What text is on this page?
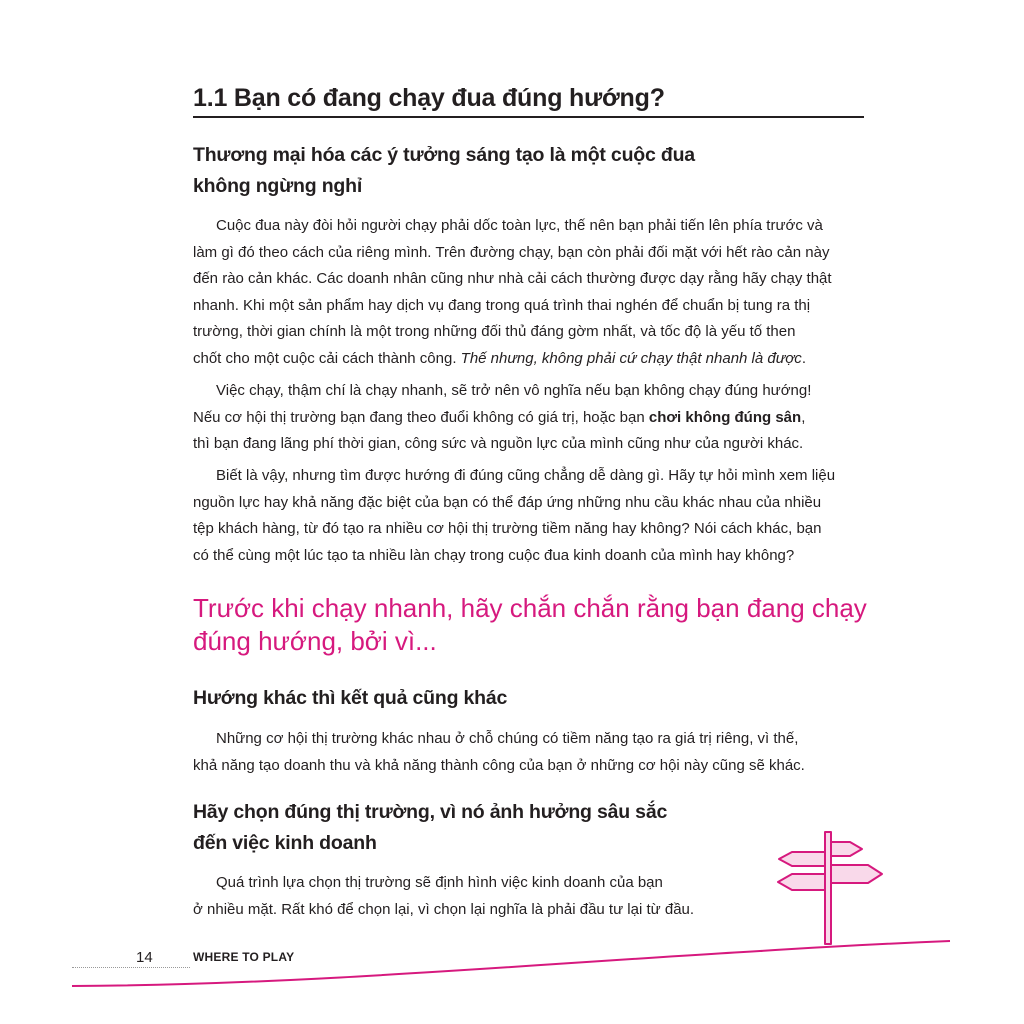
1.1 Bạn có đang chạy đua đúng hướng?
Thương mại hóa các ý tưởng sáng tạo là một cuộc đua
không ngừng nghỉ
Cuộc đua này đòi hỏi người chạy phải dốc toàn lực, thế nên bạn phải tiến lên phía trước và
làm gì đó theo cách của riêng mình. Trên đường chạy, bạn còn phải đối mặt với hết rào cản này
đến rào cản khác. Các doanh nhân cũng như nhà cải cách thường được dạy rằng hãy chạy thật
nhanh. Khi một sản phẩm hay dịch vụ đang trong quá trình thai nghén để chuẩn bị tung ra thị
trường, thời gian chính là một trong những đối thủ đáng gờm nhất, và tốc độ là yếu tố then
chốt cho một cuộc cải cách thành công. Thế nhưng, không phải cứ chạy thật nhanh là được.
Việc chạy, thậm chí là chạy nhanh, sẽ trở nên vô nghĩa nếu bạn không chạy đúng hướng!
Nếu cơ hội thị trường bạn đang theo đuổi không có giá trị, hoặc bạn chơi không đúng sân,
thì bạn đang lãng phí thời gian, công sức và nguồn lực của mình cũng như của người khác.
Biết là vậy, nhưng tìm được hướng đi đúng cũng chẳng dễ dàng gì. Hãy tự hỏi mình xem liệu
nguồn lực hay khả năng đặc biệt của bạn có thể đáp ứng những nhu cầu khác nhau của nhiều
tệp khách hàng, từ đó tạo ra nhiều cơ hội thị trường tiềm năng hay không? Nói cách khác, bạn
có thể cùng một lúc tạo ta nhiều làn chạy trong cuộc đua kinh doanh của mình hay không?
Trước khi chạy nhanh, hãy chắn chắn rằng bạn đang chạy
đúng hướng, bởi vì...
Hướng khác thì kết quả cũng khác
Những cơ hội thị trường khác nhau ở chỗ chúng có tiềm năng tạo ra giá trị riêng, vì thế,
khả năng tạo doanh thu và khả năng thành công của bạn ở những cơ hội này cũng sẽ khác.
Hãy chọn đúng thị trường, vì nó ảnh hưởng sâu sắc
đến việc kinh doanh
Quá trình lựa chọn thị trường sẽ định hình việc kinh doanh của bạn
ở nhiều mặt. Rất khó để chọn lại, vì chọn lại nghĩa là phải đầu tư lại từ đầu.
14	WHERE TO PLAY
